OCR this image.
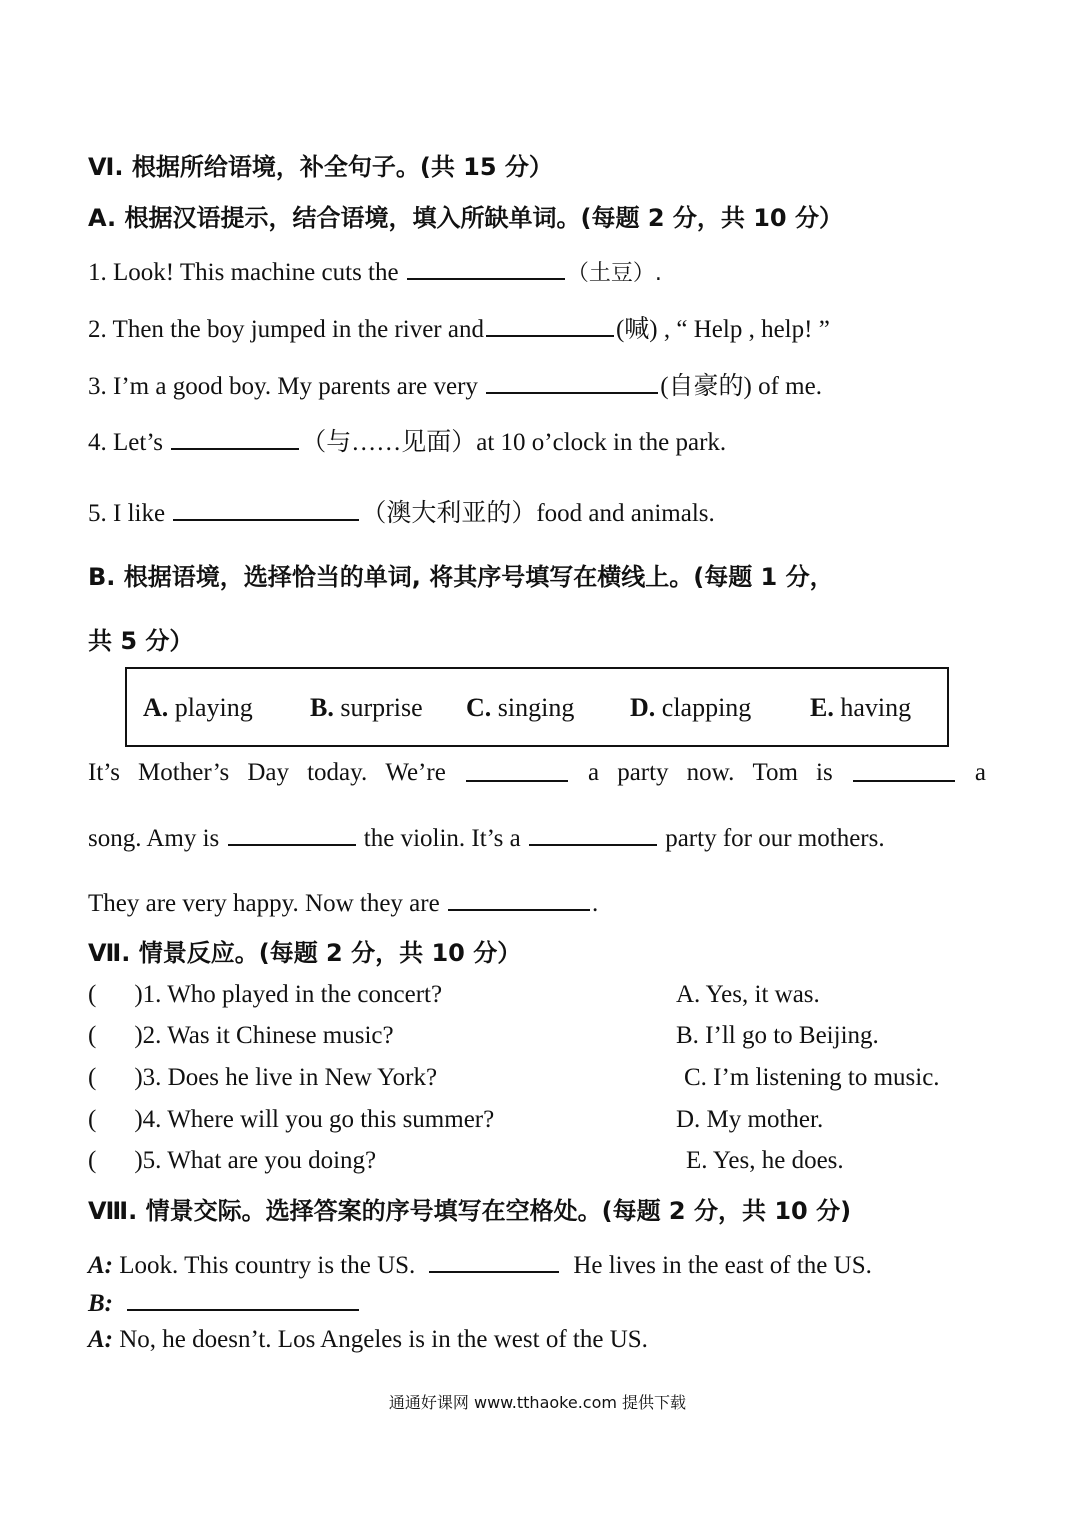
Ⅵ. 根据所给语境，补全句子。(共 15 分）
A. 根据汉语提示，结合语境，填入所缺单词。(每题 2 分，共 10 分）
1. Look! This machine cuts the	（土豆）.
2. Then the boy jumped in the river and	(喊) , “ Help , help! ”
3. I’m a good boy. My parents are very	(自豪的) of me.
4. Let’s	（与……见面）at 10 o’clock in the park.
5. I like	（澳大利亚的）food and animals.
B. 根据语境，选择恰当的单词, 将其序号填写在横线上。(每题 1 分，
共 5 分）
A. playing B. surprise C. singing D. clapping E. having
It’s Mother’s Day today. We’re	a party now. Tom is	a
song. Amy is	the violin. It’s a	party for our mothers.
They are very happy. Now they are	.
Ⅶ. 情景反应。(每题 2 分，共 10 分）
( )1. Who played in the concert?	A. Yes, it was.
( )2. Was it Chinese music?	B. I’ll go to Beijing.
( )3. Does he live in New York?	C. I’m listening to music.
( )4. Where will you go this summer?	D. My mother.
( )5. What are you doing?	E. Yes, he does.
Ⅷ. 情景交际。选择答案的序号填写在空格处。(每题 2 分，共 10 分)
A: Look. This country is the US.	He lives in the east of the US.
B:
A: No, he doesn’t. Los Angeles is in the west of the US.
通通好课网 www.tthaoke.com 提供下载
